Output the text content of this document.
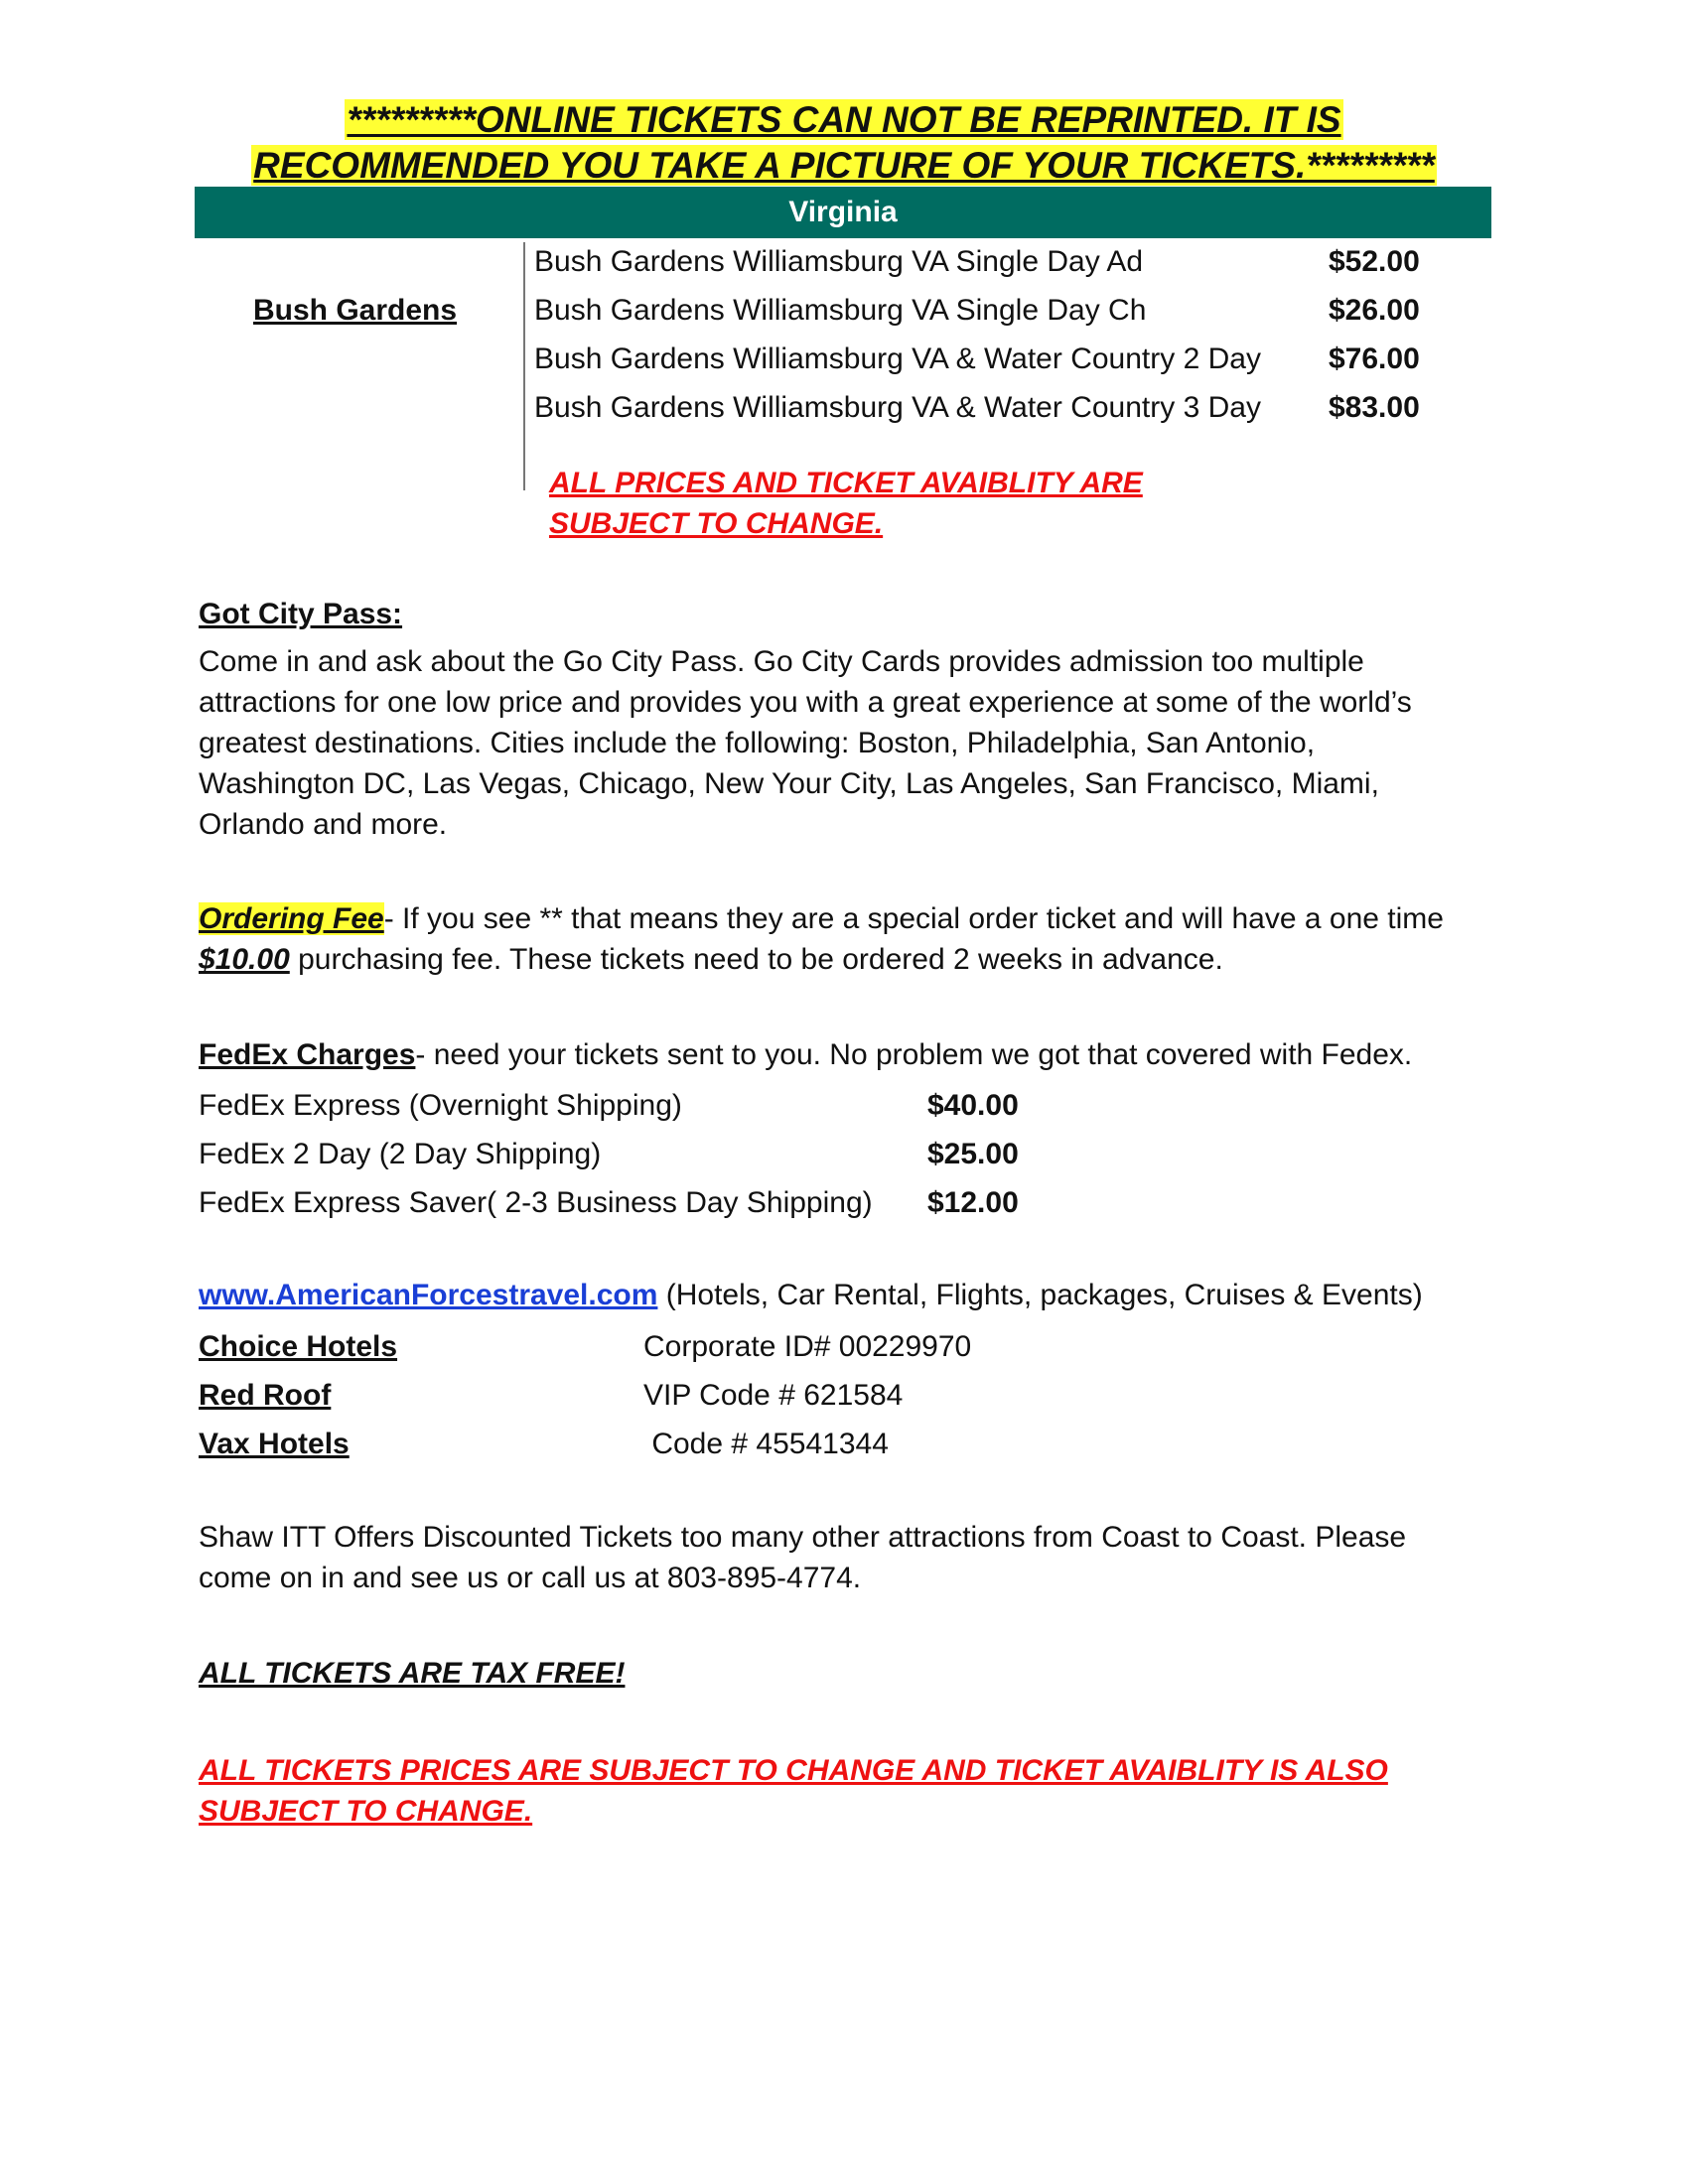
*********ONLINE TICKETS CAN NOT BE REPRINTED. IT IS
RECOMMENDED YOU TAKE A PICTURE OF YOUR TICKETS.*********
Virginia
Bush Gardens
Bush Gardens Williamsburg VA Single Day Ad	$52.00
Bush Gardens Williamsburg VA Single Day Ch	$26.00
Bush Gardens Williamsburg VA & Water Country 2 Day $76.00
Bush Gardens Williamsburg VA & Water Country 3 Day $83.00
ALL PRICES AND TICKET AVAIBLITY ARE
SUBJECT TO CHANGE.
Got City Pass:
Come in and ask about the Go City Pass. Go City Cards provides admission too multiple
attractions for one low price and provides you with a great experience at some of the world’s
greatest destinations. Cities include the following: Boston, Philadelphia, San Antonio,
Washington DC, Las Vegas, Chicago, New Your City, Las Angeles, San Francisco, Miami,
Orlando and more.
Ordering Fee- If you see ** that means they are a special order ticket and will have a one time
$10.00 purchasing fee. These tickets need to be ordered 2 weeks in advance.
FedEx Charges- need your tickets sent to you. No problem we got that covered with Fedex.
FedEx Express (Overnight Shipping)	$40.00
FedEx 2 Day (2 Day Shipping)	$25.00
FedEx Express Saver( 2-3 Business Day Shipping) $12.00
www.AmericanForcestravel.com (Hotels, Car Rental, Flights, packages, Cruises & Events)
Choice Hotels	Corporate ID# 00229970
Red Roof	VIP Code # 621584
Vax Hotels	Code # 45541344
Shaw ITT Offers Discounted Tickets too many other attractions from Coast to Coast. Please
come on in and see us or call us at 803-895-4774.
ALL TICKETS ARE TAX FREE!
ALL TICKETS PRICES ARE SUBJECT TO CHANGE AND TICKET AVAIBLITY IS ALSO
SUBJECT TO CHANGE.
